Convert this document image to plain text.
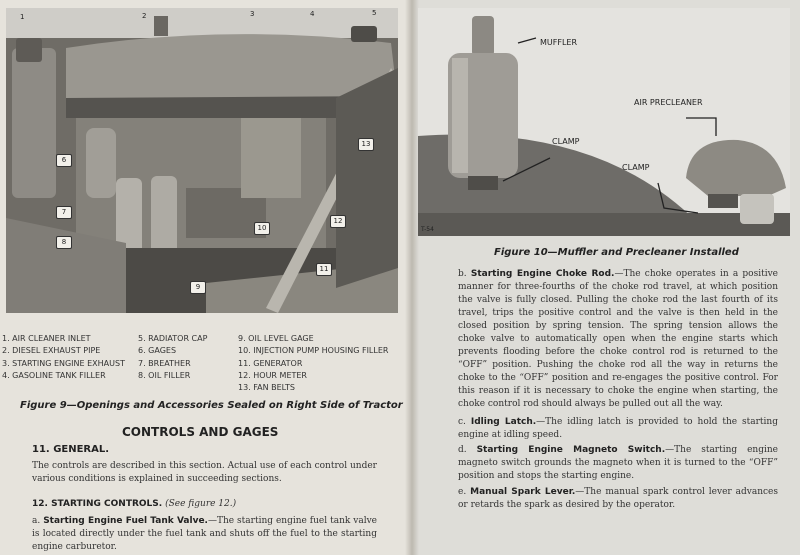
1	2	3	4	5
6
7
8
9
10
11
12
13
1. AIR CLEANER INLET
2. DIESEL EXHAUST PIPE
3. STARTING ENGINE EXHAUST
4. GASOLINE TANK FILLER
5. RADIATOR CAP
6. GAGES
7. BREATHER
8. OIL FILLER
9. OIL LEVEL GAGE
10. INJECTION PUMP HOUSING FILLER
11. GENERATOR
12. HOUR METER
13. FAN BELTS
Figure 9—Openings and Accessories Sealed on Right Side of Tractor
CONTROLS AND GAGES
11. GENERAL.
The controls are described in this section. Actual use of each control under various conditions is explained in succeeding sections.
12. STARTING CONTROLS. (See figure 12.)
a. Starting Engine Fuel Tank Valve.—The starting engine fuel tank valve is located directly under the fuel tank and shuts off the fuel to the starting engine carburetor.
MUFFLER
CLAMP
AIR PRECLEANER
CLAMP
T-54
Figure 10—Muffler and Precleaner Installed
b. Starting Engine Choke Rod.—The choke operates in a positive manner for three-fourths of the choke rod travel, at which position the valve is fully closed. Pulling the choke rod the last fourth of its travel, trips the positive control and the valve is then held in the closed position by spring tension. The spring tension allows the choke valve to automatically open when the engine starts which prevents flooding before the choke control rod is returned to the “OFF” position. Pushing the choke rod all the way in returns the choke to the “OFF” position and re-engages the positive control. For this reason if it is necessary to choke the engine when starting, the choke control rod should always be pulled out all the way.
c. Idling Latch.—The idling latch is provided to hold the starting engine at idling speed.
d. Starting Engine Magneto Switch.—The starting engine magneto switch grounds the magneto when it is turned to the “OFF” position and stops the starting engine.
e. Manual Spark Lever.—The manual spark control lever advances or retards the spark as desired by the operator.
